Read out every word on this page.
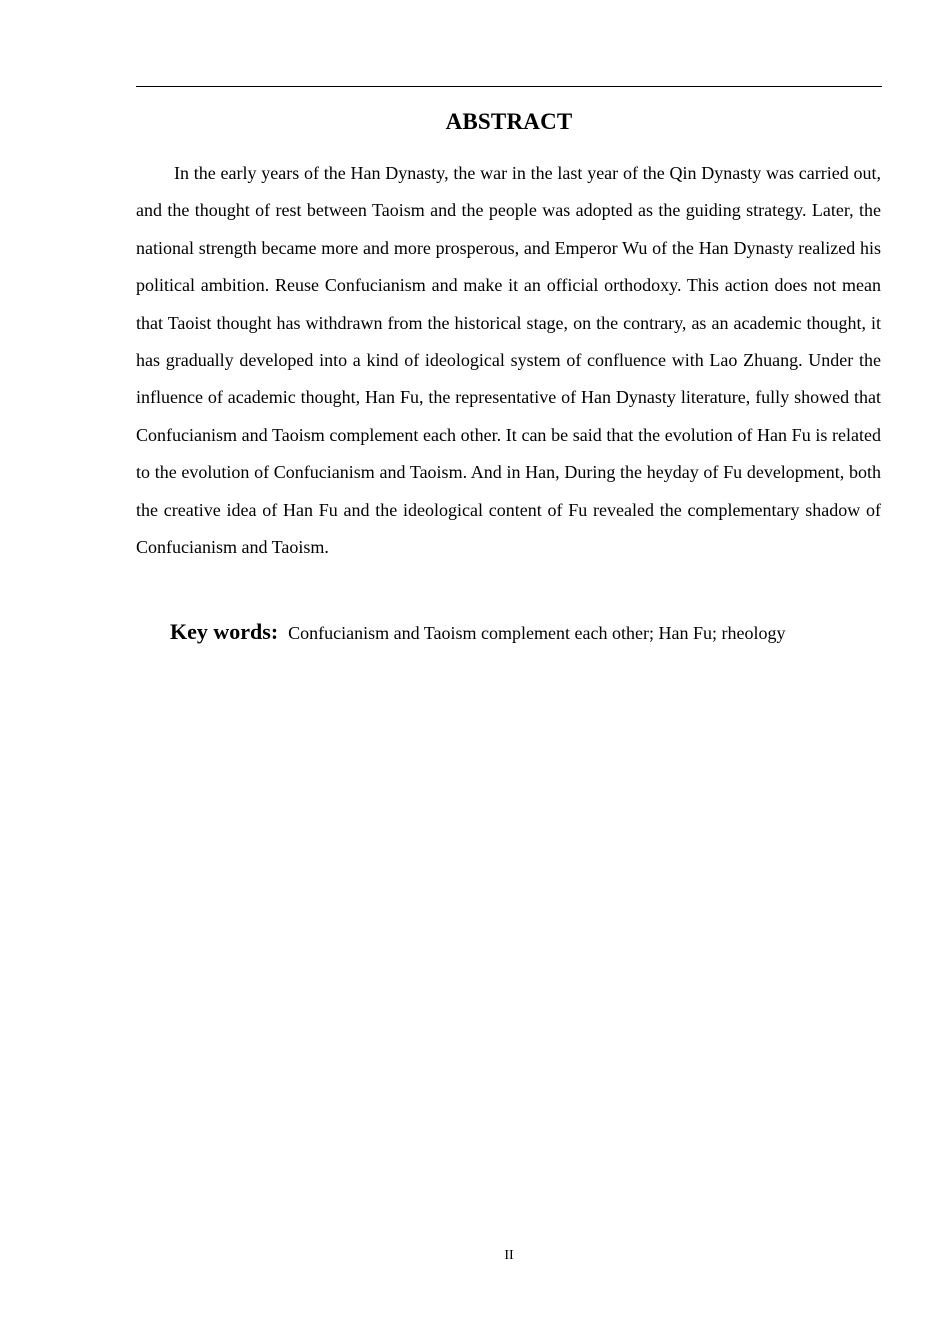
ABSTRACT

In the early years of the Han Dynasty, the war in the last year of the Qin Dynasty was carried out, and the thought of rest between Taoism and the people was adopted as the guiding strategy. Later, the national strength became more and more prosperous, and Emperor Wu of the Han Dynasty realized his political ambition. Reuse Confucianism and make it an official orthodoxy. This action does not mean that Taoist thought has withdrawn from the historical stage, on the contrary, as an academic thought, it has gradually developed into a kind of ideological system of confluence with Lao Zhuang. Under the influence of academic thought, Han Fu, the representative of Han Dynasty literature, fully showed that Confucianism and Taoism complement each other. It can be said that the evolution of Han Fu is related to the evolution of Confucianism and Taoism. And in Han, During the heyday of Fu development, both the creative idea of Han Fu and the ideological content of Fu revealed the complementary shadow of Confucianism and Taoism.

Key words: Confucianism and Taoism complement each other; Han Fu; rheology
II
